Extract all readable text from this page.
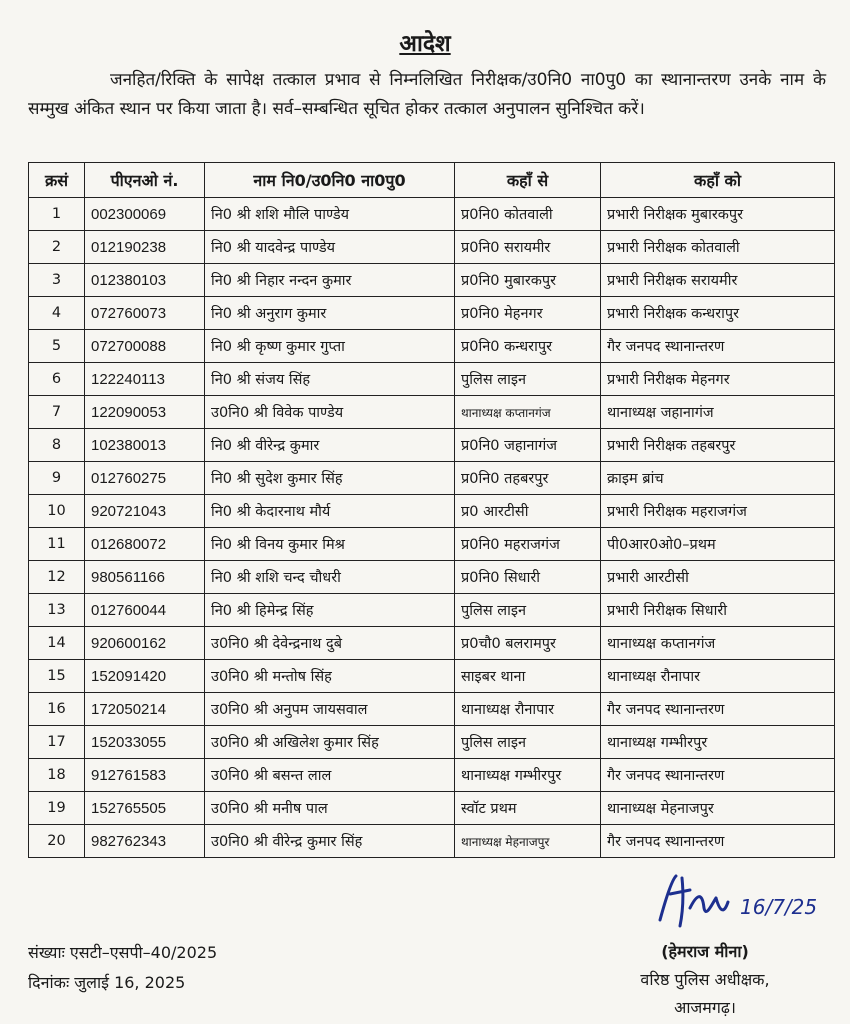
आदेश
जनहित/रिक्ति के सापेक्ष तत्काल प्रभाव से निम्नलिखित निरीक्षक/उ0नि0 ना0पु0 का स्थानान्तरण उनके नाम के सम्मुख अंकित स्थान पर किया जाता है। सर्व–सम्बन्धित सूचित होकर तत्काल अनुपालन सुनिश्चित करें।
क्रसं	पीएनओ नं.	नाम नि0/उ0नि0 ना0पु0	कहाँ से	कहाँ को
1	002300069	नि0 श्री शशि मौलि पाण्डेय	प्र0नि0 कोतवाली	प्रभारी निरीक्षक मुबारकपुर
2	012190238	नि0 श्री यादवेन्द्र पाण्डेय	प्र0नि0 सरायमीर	प्रभारी निरीक्षक कोतवाली
3	012380103	नि0 श्री निहार नन्दन कुमार	प्र0नि0 मुबारकपुर	प्रभारी निरीक्षक सरायमीर
4	072760073	नि0 श्री अनुराग कुमार	प्र0नि0 मेहनगर	प्रभारी निरीक्षक कन्धरापुर
5	072700088	नि0 श्री कृष्ण कुमार गुप्ता	प्र0नि0 कन्धरापुर	गैर जनपद स्थानान्तरण
6	122240113	नि0 श्री संजय सिंह	पुलिस लाइन	प्रभारी निरीक्षक मेहनगर
7	122090053	उ0नि0 श्री विवेक पाण्डेय	थानाध्यक्ष कप्तानगंज	थानाध्यक्ष जहानागंज
8	102380013	नि0 श्री वीरेन्द्र कुमार	प्र0नि0 जहानागंज	प्रभारी निरीक्षक तहबरपुर
9	012760275	नि0 श्री सुदेश कुमार सिंह	प्र0नि0 तहबरपुर	क्राइम ब्रांच
10	920721043	नि0 श्री केदारनाथ मौर्य	प्र0 आरटीसी	प्रभारी निरीक्षक महराजगंज
11	012680072	नि0 श्री विनय कुमार मिश्र	प्र0नि0 महराजगंज	पी0आर0ओ0–प्रथम
12	980561166	नि0 श्री शशि चन्द चौधरी	प्र0नि0 सिधारी	प्रभारी आरटीसी
13	012760044	नि0 श्री हिमेन्द्र सिंह	पुलिस लाइन	प्रभारी निरीक्षक सिधारी
14	920600162	उ0नि0 श्री देवेन्द्रनाथ दुबे	प्र0चौ0 बलरामपुर	थानाध्यक्ष कप्तानगंज
15	152091420	उ0नि0 श्री मन्तोष सिंह	साइबर थाना	थानाध्यक्ष रौनापार
16	172050214	उ0नि0 श्री अनुपम जायसवाल	थानाध्यक्ष रौनापार	गैर जनपद स्थानान्तरण
17	152033055	उ0नि0 श्री अखिलेश कुमार सिंह	पुलिस लाइन	थानाध्यक्ष गम्भीरपुर
18	912761583	उ0नि0 श्री बसन्त लाल	थानाध्यक्ष गम्भीरपुर	गैर जनपद स्थानान्तरण
19	152765505	उ0नि0 श्री मनीष पाल	स्वॉट प्रथम	थानाध्यक्ष मेहनाजपुर
20	982762343	उ0नि0 श्री वीरेन्द्र कुमार सिंह	थानाध्यक्ष मेहनाजपुर	गैर जनपद स्थानान्तरण
संख्याः एसटी–एसपी–40/2025
दिनांकः जुलाई 16, 2025
16/7/25
(हेमराज मीना)
वरिष्ठ पुलिस अधीक्षक,
आजमगढ़।
